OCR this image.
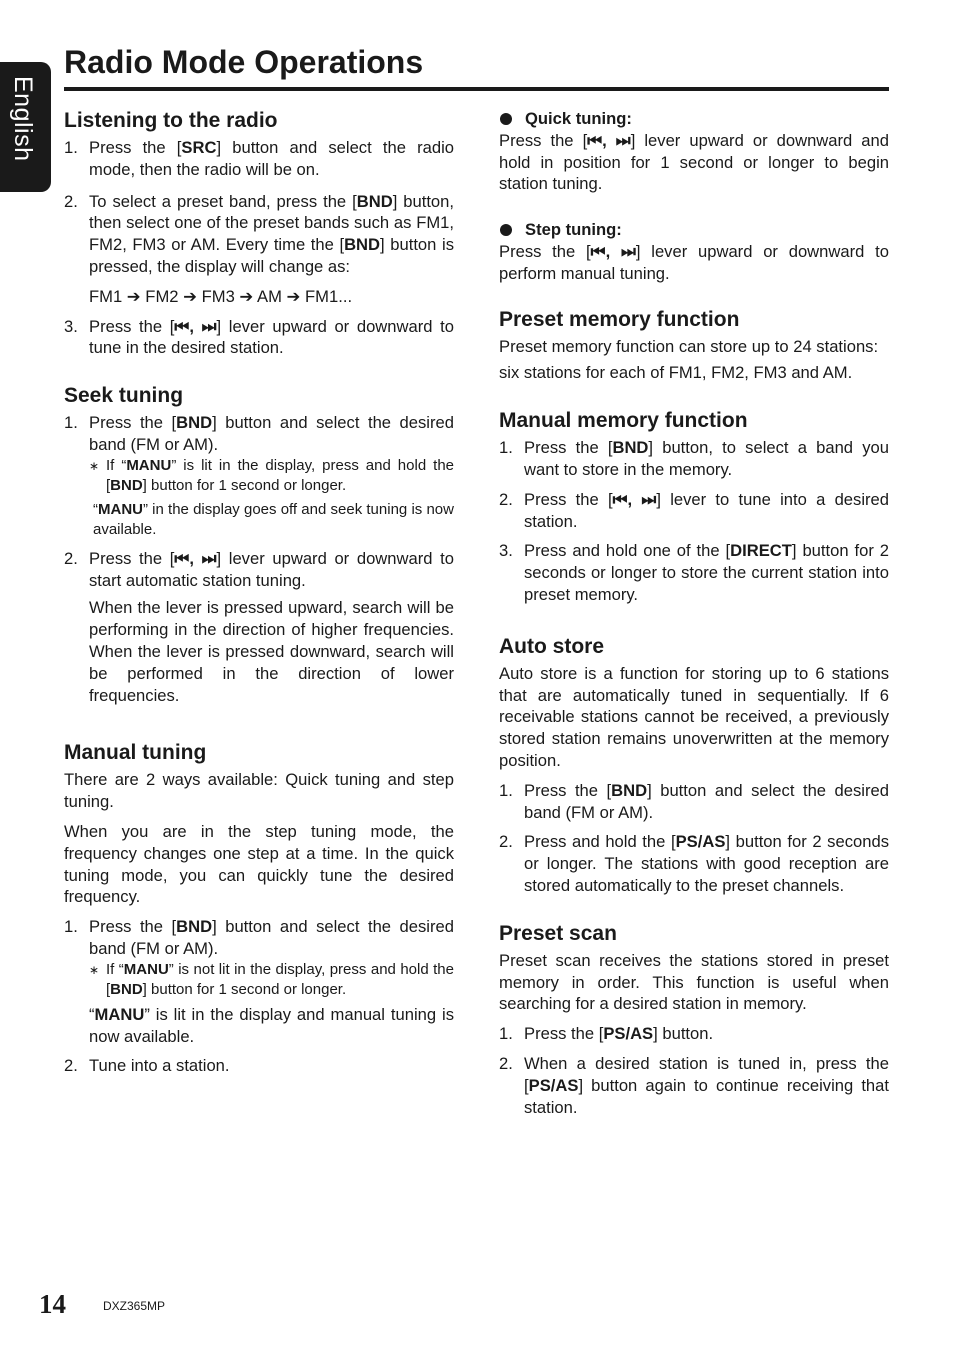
English
Radio Mode Operations
Listening to the radio
1. Press the [SRC] button and select the radio mode, then the radio will be on.
2. To select a preset band, press the [BND] button, then select one of the preset bands such as FM1, FM2, FM3 or AM. Every time the [BND] button is pressed, the display will change as:

FM1 ➔ FM2 ➔ FM3 ➔ AM ➔ FM1...

3. Press the [⏮, ⏭] lever upward or downward to tune in the desired station.
Seek tuning
1. Press the [BND] button and select the desired band (FM or AM).
∗ If “MANU” is lit in the display, press and hold the [BND] button for 1 second or longer.

“MANU” in the display goes off and seek tuning is now available.

2. Press the [⏮, ⏭] lever upward or downward to start automatic station tuning.

When the lever is pressed upward, search will be performing in the direction of higher frequencies. When the lever is pressed downward, search will be performed in the direction of lower frequencies.

Manual tuning

There are 2 ways available: Quick tuning and step tuning.

When you are in the step tuning mode, the frequency changes one step at a time. In the quick tuning mode, you can quickly tune the desired frequency.

1. Press the [BND] button and select the desired band (FM or AM).
∗ If “MANU” is not lit in the display, press and hold the [BND] button for 1 second or longer.

“MANU” is lit in the display and manual tuning is now available.

2. Tune into a station.
Quick tuning:

Press the [⏮, ⏭] lever upward or downward and hold in position for 1 second or longer to begin station tuning.

Step tuning:

Press the [⏮, ⏭] lever upward or downward to perform manual tuning.

Preset memory function

Preset memory function can store up to 24 stations:

six stations for each of FM1, FM2, FM3 and AM.

Manual memory function
1. Press the [BND] button, to select a band you want to store in the memory.
2. Press the [⏮, ⏭] lever to tune into a desired station.
3. Press and hold one of the [DIRECT] button for 2 seconds or longer to store the current station into preset memory.
Auto store

Auto store is a function for storing up to 6 stations that are automatically tuned in sequentially. If 6 receivable stations cannot be received, a previously stored station remains unoverwritten at the memory position.

1. Press the [BND] button and select the desired band (FM or AM).
2. Press and hold the [PS/AS] button for 2 seconds or longer. The stations with good reception are stored automatically to the preset channels.
Preset scan

Preset scan receives the stations stored in preset memory in order. This function is useful when searching for a desired station in memory.

1. Press the [PS/AS] button.
2. When a desired station is tuned in, press the [PS/AS] button again to continue receiving that station.
14	DXZ365MP
